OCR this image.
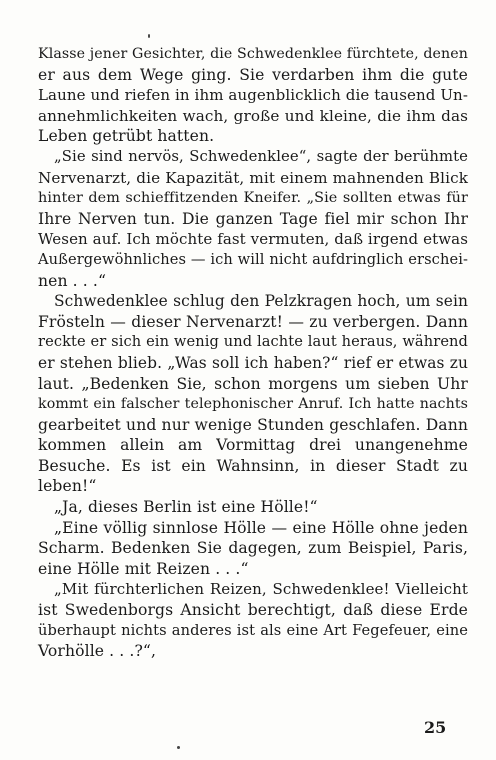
Klasse jener Gesichter, die Schwedenklee fürchtete, denen
er aus dem Wege ging. Sie verdarben ihm die gute
Laune und riefen in ihm augenblicklich die tausend Un-
annehmlichkeiten wach, große und kleine, die ihm das
Leben getrübt hatten.

„Sie sind nervös, Schwedenklee“, sagte der berühmte
Nervenarzt, die Kapazität, mit einem mahnenden Blick
hinter dem schieffitzenden Kneifer. „Sie sollten etwas für
Ihre Nerven tun. Die ganzen Tage fiel mir schon Ihr
Wesen auf. Ich möchte fast vermuten, daß irgend etwas
Außergewöhnliches — ich will nicht aufdringlich erschei-
nen . . .“

Schwedenklee schlug den Pelzkragen hoch, um sein
Frösteln — dieser Nervenarzt! — zu verbergen. Dann
reckte er sich ein wenig und lachte laut heraus, während
er stehen blieb. „Was soll ich haben?“ rief er etwas zu
laut. „Bedenken Sie, schon morgens um sieben Uhr
kommt ein falscher telephonischer Anruf. Ich hatte nachts
gearbeitet und nur wenige Stunden geschlafen. Dann
kommen allein am Vormittag drei unangenehme
Besuche. Es ist ein Wahnsinn, in dieser Stadt zu
leben!“

„Ja, dieses Berlin ist eine Hölle!“

„Eine völlig sinnlose Hölle — eine Hölle ohne jeden
Scharm. Bedenken Sie dagegen, zum Beispiel, Paris,
eine Hölle mit Reizen . . .“

„Mit fürchterlichen Reizen, Schwedenklee! Vielleicht
ist Swedenborgs Ansicht berechtigt, daß diese Erde
überhaupt nichts anderes ist als eine Art Fegefeuer, eine
Vorhölle . . .?“,

25
